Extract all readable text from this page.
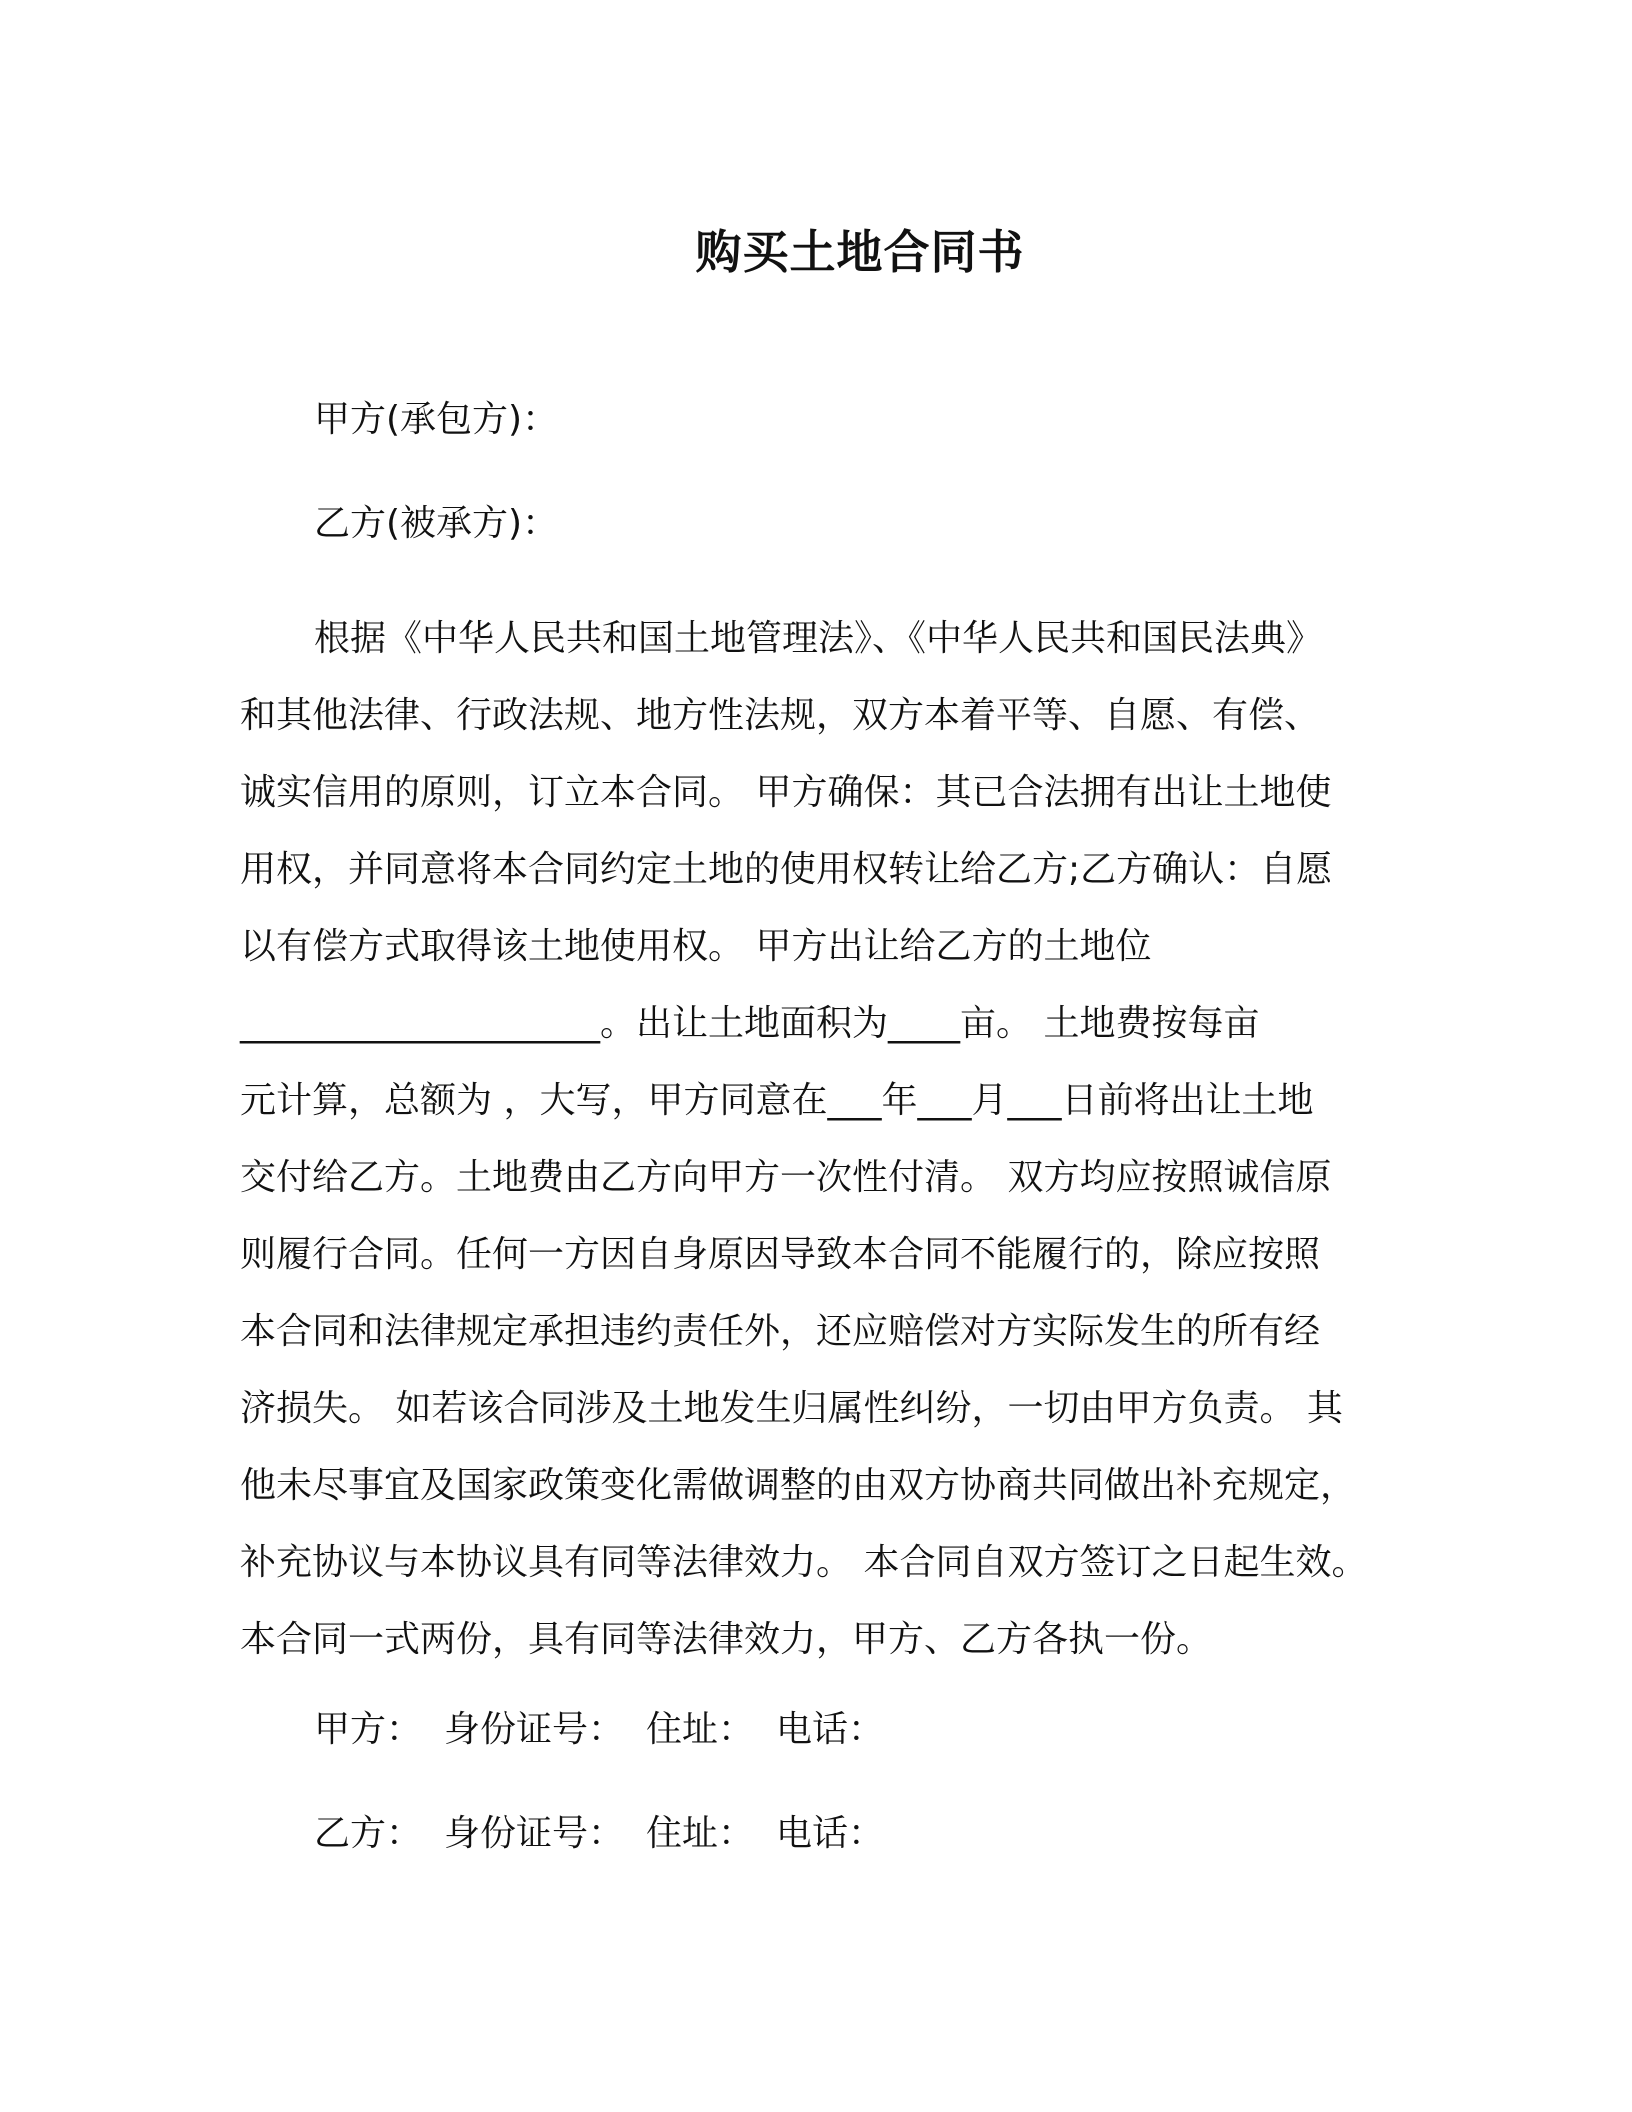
购买土地合同书
甲方(承包方)：
乙方(被承方)：
根据《中华人民共和国土地管理法》、《中华人民共和国民法典》
和其他法律、行政法规、地方性法规，双方本着平等、自愿、有偿、
诚实信用的原则，订立本合同。 甲方确保：其已合法拥有出让土地使
用权，并同意将本合同约定土地的使用权转让给乙方;乙方确认：自愿
以有偿方式取得该土地使用权。 甲方出让给乙方的土地位
____________________。出让土地面积为____亩。 土地费按每亩
元计算，总额为 ，大写，甲方同意在___年___月___日前将出让土地
交付给乙方。土地费由乙方向甲方一次性付清。 双方均应按照诚信原
则履行合同。任何一方因自身原因导致本合同不能履行的，除应按照
本合同和法律规定承担违约责任外，还应赔偿对方实际发生的所有经
济损失。 如若该合同涉及土地发生归属性纠纷，一切由甲方负责。 其
他未尽事宜及国家政策变化需做调整的由双方协商共同做出补充规定，
补充协议与本协议具有同等法律效力。 本合同自双方签订之日起生效。
本合同一式两份，具有同等法律效力，甲方、乙方各执一份。
甲方： 身份证号： 住址： 电话：
乙方： 身份证号： 住址： 电话：
